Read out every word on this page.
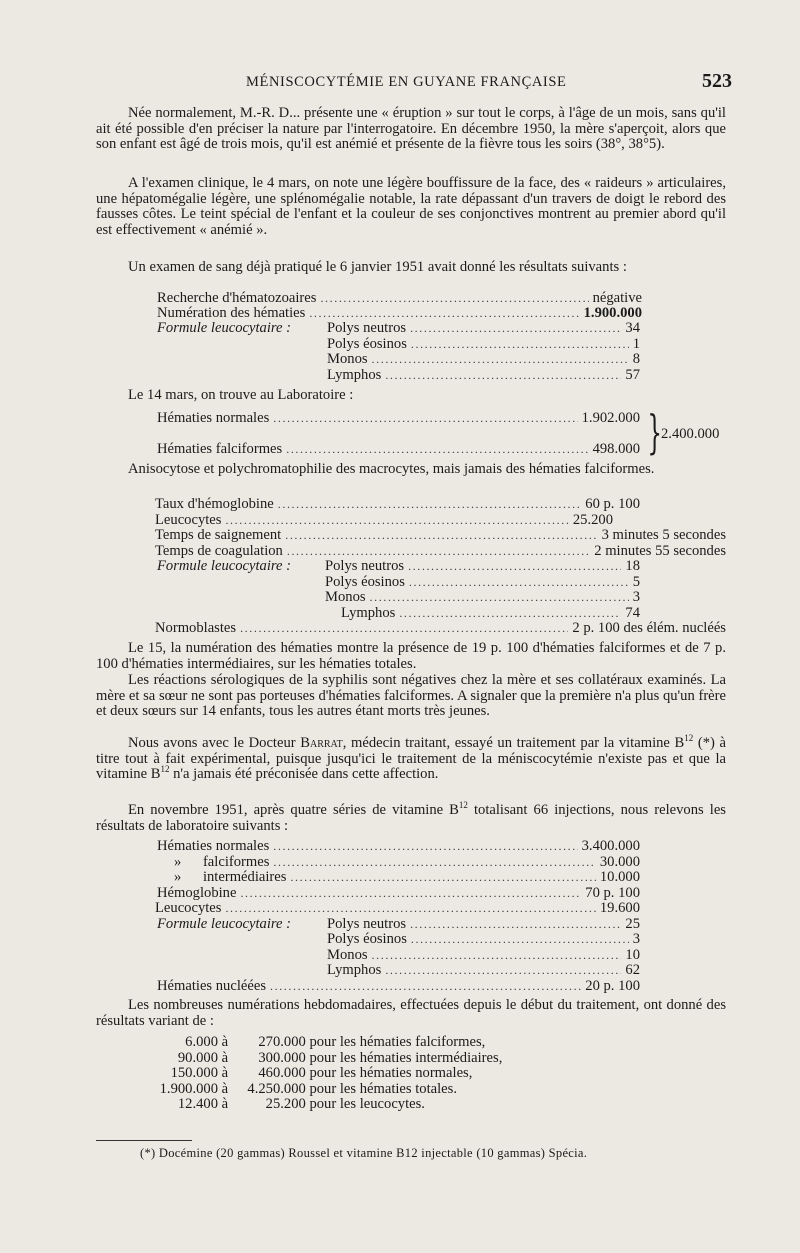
MÉNISCOCYTÉMIE EN GUYANE FRANÇAISE	523

Née normalement, M.-R. D... présente une « éruption » sur tout le corps, à l'âge de un mois, sans qu'il ait été possible d'en préciser la nature par l'interrogatoire. En décembre 1950, la mère s'aperçoit, alors que son enfant est âgé de trois mois, qu'il est anémié et présente de la fièvre tous les soirs (38°, 38°5).

A l'examen clinique, le 4 mars, on note une légère bouffissure de la face, des « raideurs » articulaires, une hépatomégalie légère, une splénomégalie notable, la rate dépassant d'un travers de doigt le rebord des fausses côtes. Le teint spécial de l'enfant et la couleur de ses conjonctives montrent au premier abord qu'il est effectivement « anémié ».

Un examen de sang déjà pratiqué le 6 janvier 1951 avait donné les résultats suivants :

Recherche d'hématozoaires .....	négative
Numération des hématies .....	1.900.000
Formule leucocytaire :	Polys neutros .....	34
Polys éosinos .....	1
Monos .....	8
Lymphos .....	57

Le 14 mars, on trouve au Laboratoire :

Hématies normales .....	1.902.000
Hématies falciformes .....	498.000 } 2.400.000

Anisocytose et polychromatophilie des macrocytes, mais jamais des hématies falciformes.

Taux d'hémoglobine .....	60 p. 100
Leucocytes .....	25.200
Temps de saignement .....	3 minutes 5 secondes
Temps de coagulation .....	2 minutes 55 secondes
Formule leucocytaire :	Polys neutros .....	18
Polys éosinos .....	5
Monos .....	3
Lymphos .....	74
Normoblastes .....	2 p. 100 des élém. nucléés

Le 15, la numération des hématies montre la présence de 19 p. 100 d'hématies falciformes et de 7 p. 100 d'hématies intermédiaires, sur les hématies totales.

Les réactions sérologiques de la syphilis sont négatives chez la mère et ses collatéraux examinés. La mère et sa sœur ne sont pas porteuses d'hématies falciformes. A signaler que la première n'a plus qu'un frère et deux sœurs sur 14 enfants, tous les autres étant morts très jeunes.

Nous avons avec le Docteur Barrat, médecin traitant, essayé un traitement par la vitamine $B^{12}$ (*) à titre tout à fait expérimental, puisque jusqu'ici le traitement de la méniscocytémie n'existe pas et que la vitamine $B^{12}$ n'a jamais été préconisée dans cette affection.

En novembre 1951, après quatre séries de vitamine $B^{12}$ totalisant 66 injections, nous relevons les résultats de laboratoire suivants :

Hématies normales .....	3.400.000
» falciformes .....	30.000
» intermédiaires .....	10.000
Hémoglobine .....	70 p. 100
Leucocytes .....	19.600
Formule leucocytaire :	Polys neutros .....	25
Polys éosinos .....	3
Monos .....	10
Lymphos .....	62
Hématies nucléées .....	20 p. 100

Les nombreuses numérations hebdomadaires, effectuées depuis le début du traitement, ont donné des résultats variant de :

6.000 à 270.000 pour les hématies falciformes,
90.000 à 300.000 pour les hématies intermédiaires,
150.000 à 460.000 pour les hématies normales,
1.900.000 à 4.250.000 pour les hématies totales.
12.400 à	25.200 pour les leucocytes.
(*) Docémine (20 gammas) Roussel et vitamine B12 injectable (10 gammas) Spécia.
